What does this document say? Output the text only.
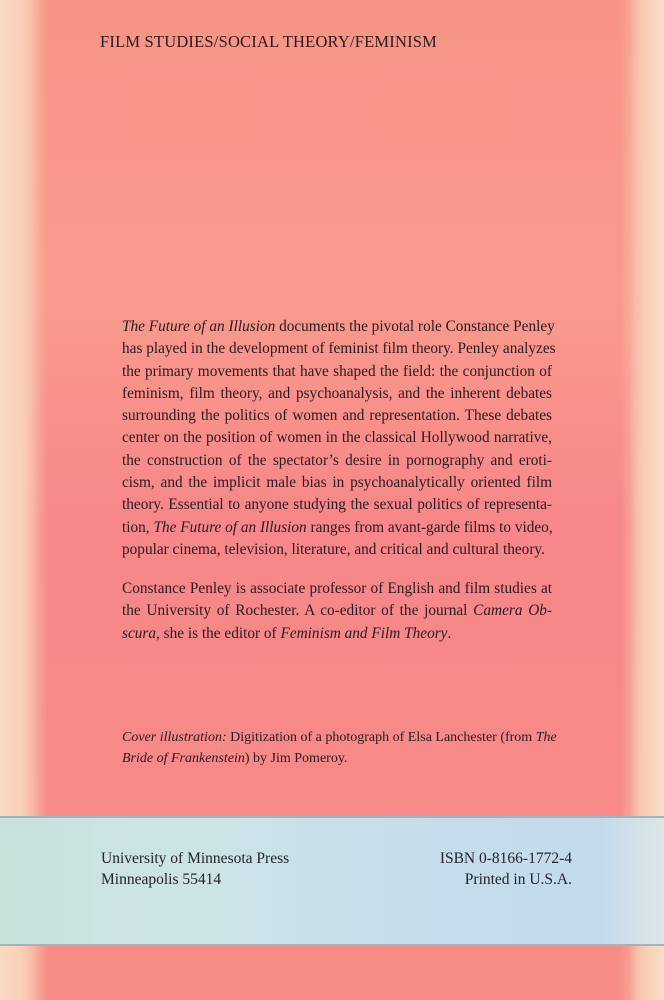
FILM STUDIES/SOCIAL THEORY/FEMINISM
The Future of an Illusion documents the pivotal role Constance Penley
has played in the development of feminist film theory. Penley analyzes
the primary movements that have shaped the field: the conjunction of
feminism, film theory, and psychoanalysis, and the inherent debates
surrounding the politics of women and representation. These debates
center on the position of women in the classical Hollywood narrative,
the construction of the spectator’s desire in pornography and eroti-
cism, and the implicit male bias in psychoanalytically oriented film
theory. Essential to anyone studying the sexual politics of representa-
tion, The Future of an Illusion ranges from avant-garde films to video,
popular cinema, television, literature, and critical and cultural theory.
Constance Penley is associate professor of English and film studies at
the University of Rochester. A co-editor of the journal Camera Ob-
scura, she is the editor of Feminism and Film Theory.
Cover illustration: Digitization of a photograph of Elsa Lanchester (from The
Bride of Frankenstein) by Jim Pomeroy.
University of Minnesota Press
Minneapolis 55414
ISBN 0-8166-1772-4
Printed in U.S.A.
